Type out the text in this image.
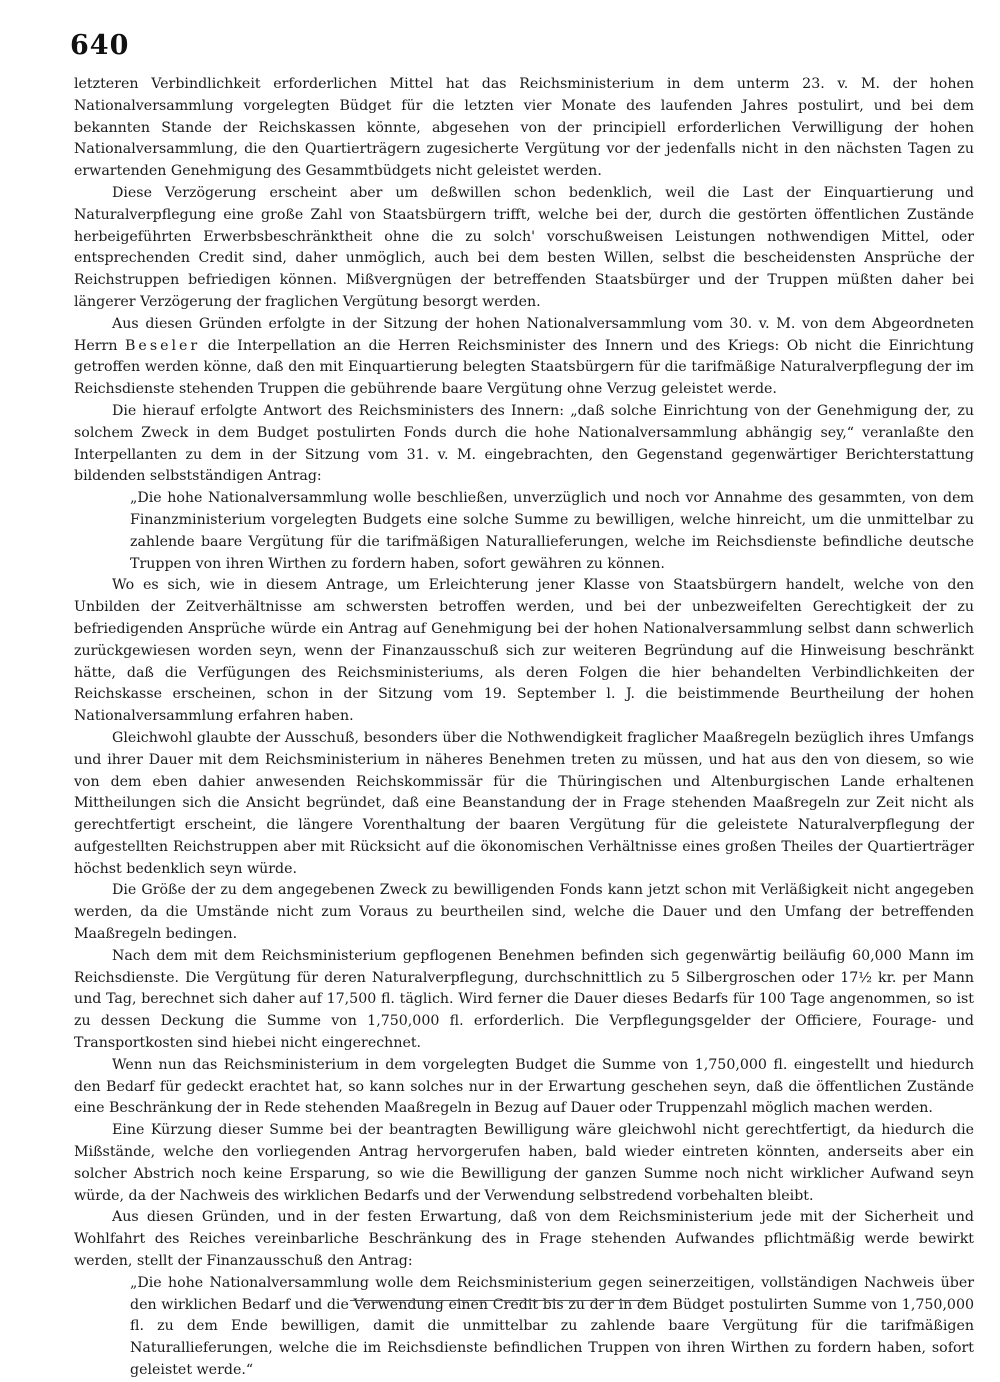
640

letzteren Verbindlichkeit erforderlichen Mittel hat das Reichsministerium in dem unterm 23. v. M. der hohen Nationalversammlung vorgelegten Büdget für die letzten vier Monate des laufenden Jahres postulirt, und bei dem bekannten Stande der Reichskassen könnte, abgesehen von der principiell erforderlichen Verwilligung der hohen Nationalversammlung, die den Quartierträgern zugesicherte Vergütung vor der jedenfalls nicht in den nächsten Tagen zu erwartenden Genehmigung des Gesammtbüdgets nicht geleistet werden.

Diese Verzögerung erscheint aber um deßwillen schon bedenklich, weil die Last der Einquartierung und Naturalverpflegung eine große Zahl von Staatsbürgern trifft, welche bei der, durch die gestörten öffentlichen Zustände herbeigeführten Erwerbsbeschränktheit ohne die zu solch' vorschußweisen Leistungen nothwendigen Mittel, oder entsprechenden Credit sind, daher unmöglich, auch bei dem besten Willen, selbst die bescheidensten Ansprüche der Reichstruppen befriedigen können. Mißvergnügen der betreffenden Staatsbürger und der Truppen müßten daher bei längerer Verzögerung der fraglichen Vergütung besorgt werden.

Aus diesen Gründen erfolgte in der Sitzung der hohen Nationalversammlung vom 30. v. M. von dem Abgeordneten Herrn Beseler die Interpellation an die Herren Reichsminister des Innern und des Kriegs: Ob nicht die Einrichtung getroffen werden könne, daß den mit Einquartierung belegten Staatsbürgern für die tarifmäßige Naturalverpflegung der im Reichsdienste stehenden Truppen die gebührende baare Vergütung ohne Verzug geleistet werde.

Die hierauf erfolgte Antwort des Reichsministers des Innern: „daß solche Einrichtung von der Genehmigung der, zu solchem Zweck in dem Budget postulirten Fonds durch die hohe Nationalversammlung abhängig sey,“ veranlaßte den Interpellanten zu dem in der Sitzung vom 31. v. M. eingebrachten, den Gegenstand gegenwärtiger Berichterstattung bildenden selbstständigen Antrag:

„Die hohe Nationalversammlung wolle beschließen, unverzüglich und noch vor Annahme des gesammten, von dem Finanzministerium vorgelegten Budgets eine solche Summe zu bewilligen, welche hinreicht, um die unmittelbar zu zahlende baare Vergütung für die tarifmäßigen Naturallieferungen, welche im Reichsdienste befindliche deutsche Truppen von ihren Wirthen zu fordern haben, sofort gewähren zu können.

Wo es sich, wie in diesem Antrage, um Erleichterung jener Klasse von Staatsbürgern handelt, welche von den Unbilden der Zeitverhältnisse am schwersten betroffen werden, und bei der unbezweifelten Gerechtigkeit der zu befriedigenden Ansprüche würde ein Antrag auf Genehmigung bei der hohen Nationalversammlung selbst dann schwerlich zurückgewiesen worden seyn, wenn der Finanzausschuß sich zur weiteren Begründung auf die Hinweisung beschränkt hätte, daß die Verfügungen des Reichsministeriums, als deren Folgen die hier behandelten Verbindlichkeiten der Reichskasse erscheinen, schon in der Sitzung vom 19. September l. J. die beistimmende Beurtheilung der hohen Nationalversammlung erfahren haben.

Gleichwohl glaubte der Ausschuß, besonders über die Nothwendigkeit fraglicher Maaßregeln bezüglich ihres Umfangs und ihrer Dauer mit dem Reichsministerium in näheres Benehmen treten zu müssen, und hat aus den von diesem, so wie von dem eben dahier anwesenden Reichskommissär für die Thüringischen und Altenburgischen Lande erhaltenen Mittheilungen sich die Ansicht begründet, daß eine Beanstandung der in Frage stehenden Maaßregeln zur Zeit nicht als gerechtfertigt erscheint, die längere Vorenthaltung der baaren Vergütung für die geleistete Naturalverpflegung der aufgestellten Reichstruppen aber mit Rücksicht auf die ökonomischen Verhältnisse eines großen Theiles der Quartierträger höchst bedenklich seyn würde.

Die Größe der zu dem angegebenen Zweck zu bewilligenden Fonds kann jetzt schon mit Verläßigkeit nicht angegeben werden, da die Umstände nicht zum Voraus zu beurtheilen sind, welche die Dauer und den Umfang der betreffenden Maaßregeln bedingen.

Nach dem mit dem Reichsministerium gepflogenen Benehmen befinden sich gegenwärtig beiläufig 60,000 Mann im Reichsdienste. Die Vergütung für deren Naturalverpflegung, durchschnittlich zu 5 Silbergroschen oder 17½ kr. per Mann und Tag, berechnet sich daher auf 17,500 fl. täglich. Wird ferner die Dauer dieses Bedarfs für 100 Tage angenommen, so ist zu dessen Deckung die Summe von 1,750,000 fl. erforderlich. Die Verpflegungsgelder der Officiere, Fourage- und Transportkosten sind hiebei nicht eingerechnet.

Wenn nun das Reichsministerium in dem vorgelegten Budget die Summe von 1,750,000 fl. eingestellt und hiedurch den Bedarf für gedeckt erachtet hat, so kann solches nur in der Erwartung geschehen seyn, daß die öffentlichen Zustände eine Beschränkung der in Rede stehenden Maaßregeln in Bezug auf Dauer oder Truppenzahl möglich machen werden.

Eine Kürzung dieser Summe bei der beantragten Bewilligung wäre gleichwohl nicht gerechtfertigt, da hiedurch die Mißstände, welche den vorliegenden Antrag hervorgerufen haben, bald wieder eintreten könnten, anderseits aber ein solcher Abstrich noch keine Ersparung, so wie die Bewilligung der ganzen Summe noch nicht wirklicher Aufwand seyn würde, da der Nachweis des wirklichen Bedarfs und der Verwendung selbstredend vorbehalten bleibt.

Aus diesen Gründen, und in der festen Erwartung, daß von dem Reichsministerium jede mit der Sicherheit und Wohlfahrt des Reiches vereinbarliche Beschränkung des in Frage stehenden Aufwandes pflichtmäßig werde bewirkt werden, stellt der Finanzausschuß den Antrag:

„Die hohe Nationalversammlung wolle dem Reichsministerium gegen seinerzeitigen, vollständigen Nachweis über den wirklichen Bedarf und die Verwendung einen Credit bis zu der in dem Büdget postulirten Summe von 1,750,000 fl. zu dem Ende bewilligen, damit die unmittelbar zu zahlende baare Vergütung für die tarifmäßigen Naturallieferungen, welche die im Reichsdienste befindlichen Truppen von ihren Wirthen zu fordern haben, sofort geleistet werde.“
